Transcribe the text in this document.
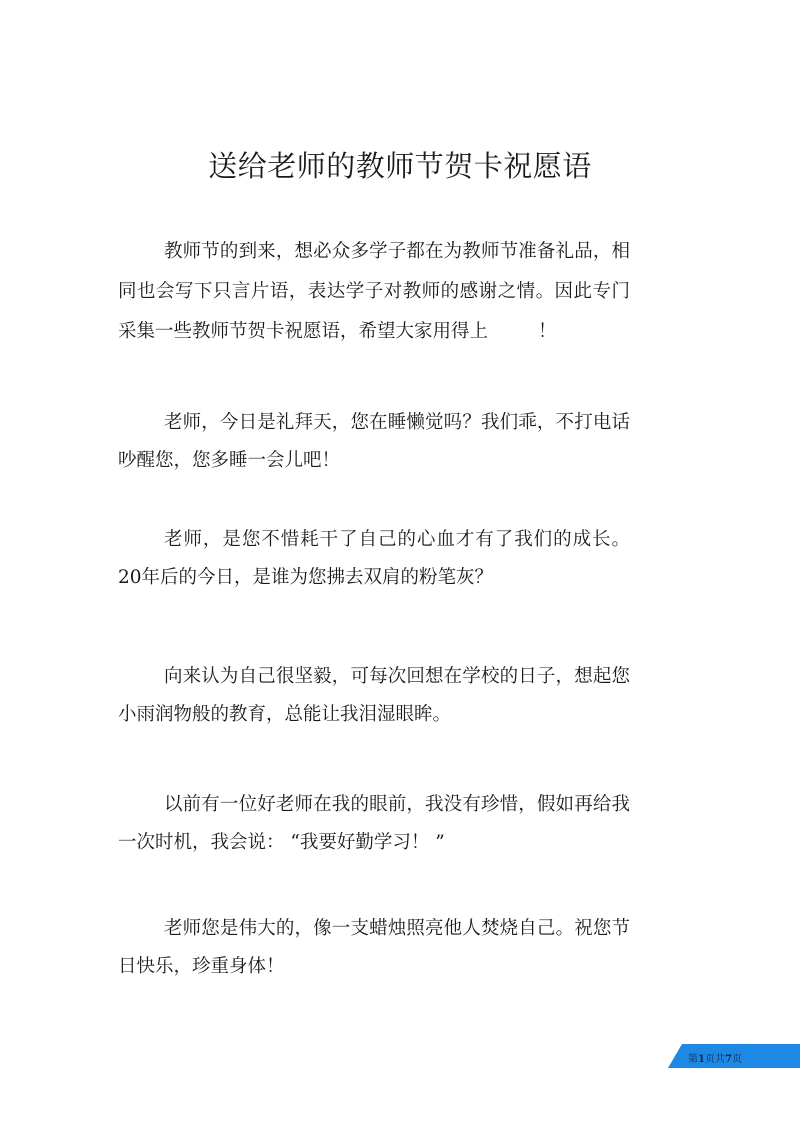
送给老师的教师节贺卡祝愿语

教师节的到来，想必众多学子都在为教师节准备礼品，相同也会写下只言片语，表达学子对教师的感谢之情。因此专门采集一些教师节贺卡祝愿语，希望大家用得上	！

老师，今日是礼拜天，您在睡懒觉吗？我们乖，不打电话吵醒您，您多睡一会儿吧！

老师，是您不惜耗干了自己的心血才有了我们的成长。20年后的今日，是谁为您拂去双肩的粉笔灰？

向来认为自己很坚毅，可每次回想在学校的日子，想起您小雨润物般的教育，总能让我泪湿眼眸。

以前有一位好老师在我的眼前，我没有珍惜，假如再给我一次时机，我会说： “我要好勤学习！ ”

老师您是伟大的，像一支蜡烛照亮他人焚烧自己。祝您节日快乐，珍重身体！

第1页共7页
